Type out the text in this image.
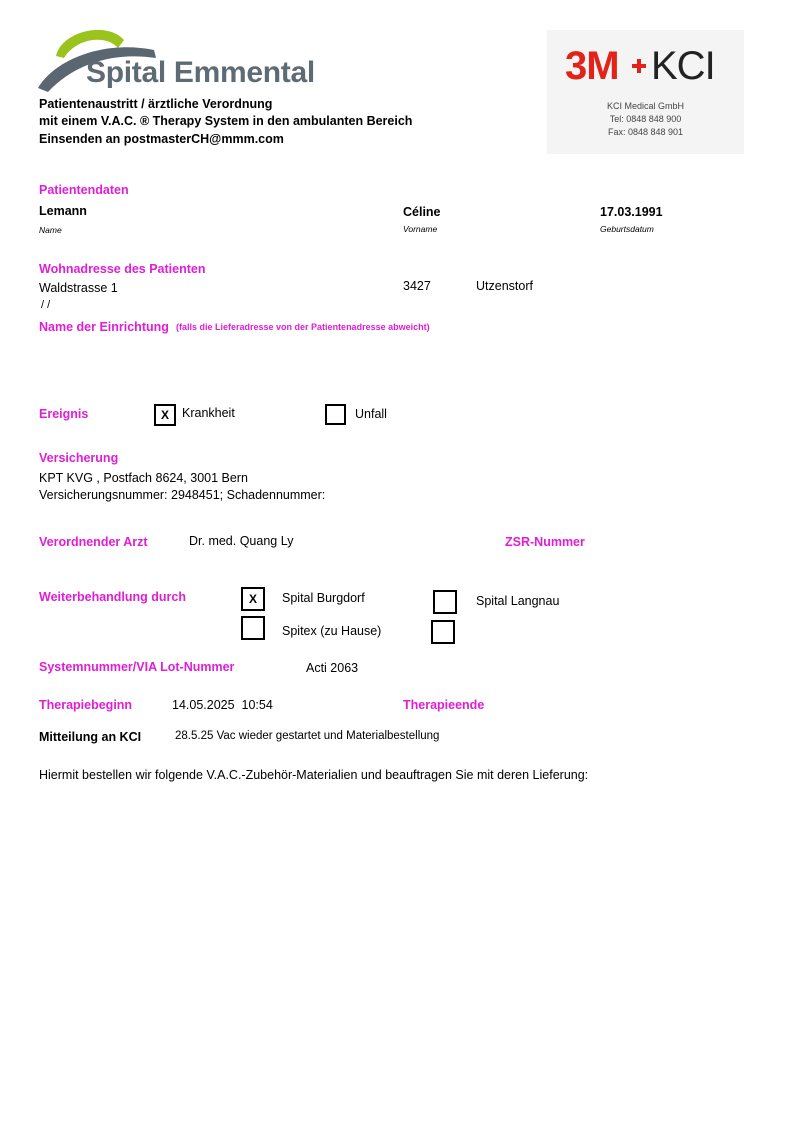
Spital Emmental	3M KCI
KCI Medical GmbH
Tel: 0848 848 900
Fax: 0848 848 901
Patientenaustritt / ärztliche Verordnung
mit einem V.A.C. ® Therapy System in den ambulanten Bereich
Einsenden an postmasterCH@mmm.com
Patientendaten
Lemann
Name
Céline
Vorname
17.03.1991
Geburtsdatum
Wohnadresse des Patienten
Waldstrasse 1	3427	Utzenstorf
/ /
Name der Einrichtung (falls die Lieferadresse von der Patientenadresse abweicht)
Ereignis	X	Krankheit	Unfall
Versicherung
KPT KVG , Postfach 8624, 3001 Bern
Versicherungsnummer: 2948451; Schadennummer:
Verordnender Arzt	Dr. med. Quang Ly	ZSR-Nummer
Weiterbehandlung durch	X	Spital Burgdorf	Spital Langnau
Spitex (zu Hause)
Systemnummer/VIA Lot-Nummer	Acti 2063
Therapiebeginn	14.05.2025  10:54	Therapieende
Mitteilung an KCI	28.5.25 Vac wieder gestartet und Materialbestellung
Hiermit bestellen wir folgende V.A.C.-Zubehör-Materialien und beauftragen Sie mit deren Lieferung:
